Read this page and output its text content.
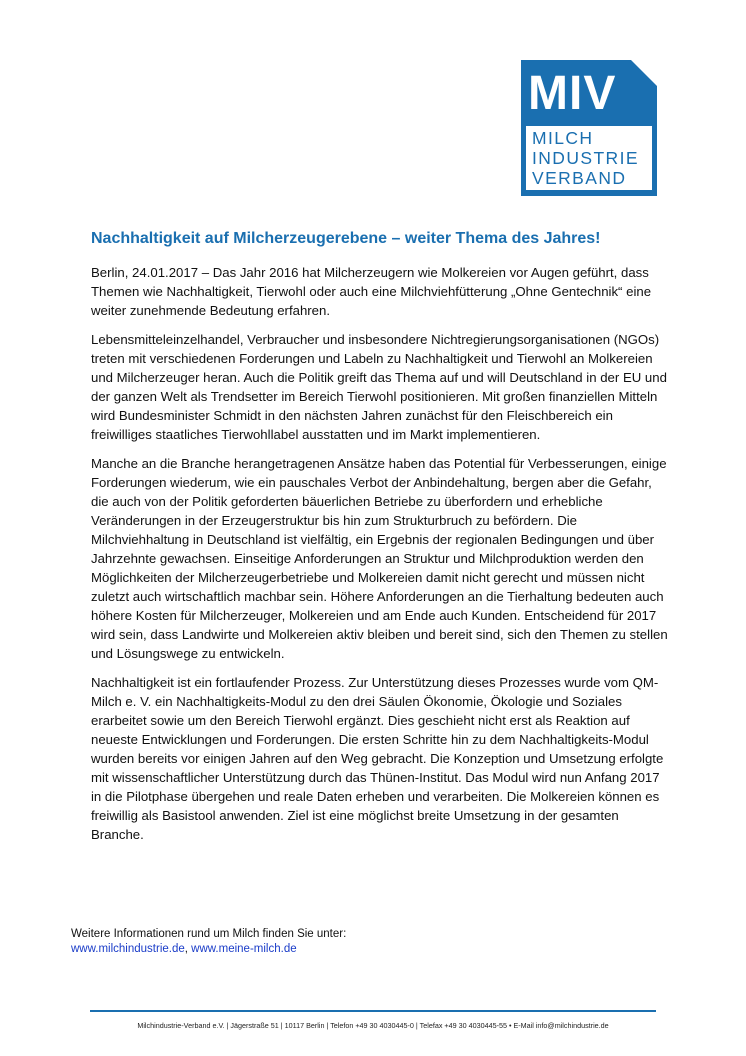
MIV
MILCH
INDUSTRIE
VERBAND
Nachhaltigkeit auf Milcherzeugerebene – weiter Thema des Jahres!

Berlin, 24.01.2017 – Das Jahr 2016 hat Milcherzeugern wie Molkereien vor Augen geführt, dass Themen wie Nachhaltigkeit, Tierwohl oder auch eine Milchviehfütterung „Ohne Gentechnik“ eine weiter zunehmende Bedeutung erfahren.

Lebensmitteleinzelhandel, Verbraucher und insbesondere Nichtregierungsorganisationen (NGOs) treten mit verschiedenen Forderungen und Labeln zu Nachhaltigkeit und Tierwohl an Molkereien und Milcherzeuger heran. Auch die Politik greift das Thema auf und will Deutschland in der EU und der ganzen Welt als Trendsetter im Bereich Tierwohl positionieren. Mit großen finanziellen Mitteln wird Bundesminister Schmidt in den nächsten Jahren zunächst für den Fleischbereich ein freiwilliges staatliches Tierwohllabel ausstatten und im Markt implementieren.

Manche an die Branche herangetragenen Ansätze haben das Potential für Verbesserungen, einige Forderungen wiederum, wie ein pauschales Verbot der Anbindehaltung, bergen aber die Gefahr, die auch von der Politik geforderten bäuerlichen Betriebe zu überfordern und erhebliche Veränderungen in der Erzeugerstruktur bis hin zum Strukturbruch zu befördern. Die Milchviehhaltung in Deutschland ist vielfältig, ein Ergebnis der regionalen Bedingungen und über Jahrzehnte gewachsen. Einseitige Anforderungen an Struktur und Milchproduktion werden den Möglichkeiten der Milcherzeugerbetriebe und Molkereien damit nicht gerecht und müssen nicht zuletzt auch wirtschaftlich machbar sein. Höhere Anforderungen an die Tierhaltung bedeuten auch höhere Kosten für Milcherzeuger, Molkereien und am Ende auch Kunden. Entscheidend für 2017 wird sein, dass Landwirte und Molkereien aktiv bleiben und bereit sind, sich den Themen zu stellen und Lösungswege zu entwickeln.

Nachhaltigkeit ist ein fortlaufender Prozess. Zur Unterstützung dieses Prozesses wurde vom QM-Milch e. V. ein Nachhaltigkeits-Modul zu den drei Säulen Ökonomie, Ökologie und Soziales erarbeitet sowie um den Bereich Tierwohl ergänzt. Dies geschieht nicht erst als Reaktion auf neueste Entwicklungen und Forderungen. Die ersten Schritte hin zu dem Nachhaltigkeits-Modul wurden bereits vor einigen Jahren auf den Weg gebracht. Die Konzeption und Umsetzung erfolgte mit wissenschaftlicher Unterstützung durch das Thünen-Institut. Das Modul wird nun Anfang 2017 in die Pilotphase übergehen und reale Daten erheben und verarbeiten. Die Molkereien können es freiwillig als Basistool anwenden. Ziel ist eine möglichst breite Umsetzung in der gesamten Branche.

Weitere Informationen rund um Milch finden Sie unter:
www.milchindustrie.de, www.meine-milch.de
Milchindustrie-Verband e.V. | Jägerstraße 51 | 10117 Berlin | Telefon +49 30 4030445-0 | Telefax +49 30 4030445-55 • E-Mail info@milchindustrie.de
